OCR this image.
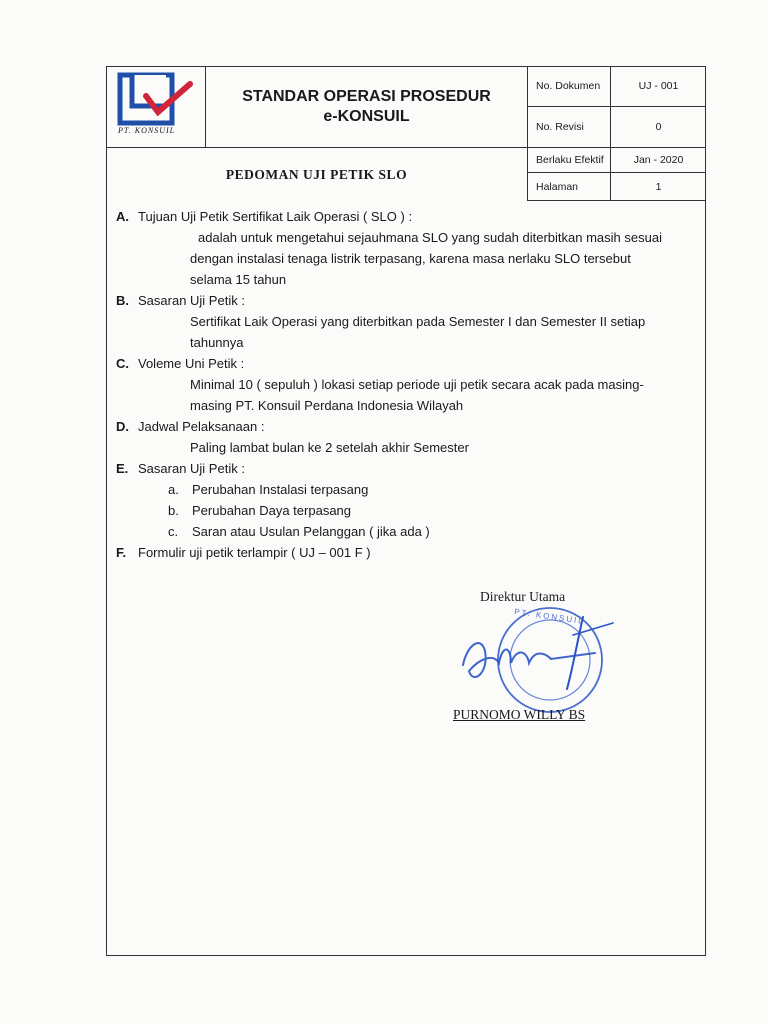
PT. KONSUIL
STANDAR OPERASI PROSEDUR
e-KONSUIL
PEDOMAN UJI PETIK SLO
No. Dokumen	UJ - 001
No. Revisi	0
Berlaku Efektif	Jan - 2020
Halaman	1
A. Tujuan Uji Petik Sertifikat Laik Operasi ( SLO ) :
adalah untuk mengetahui sejauhmana SLO yang sudah diterbitkan masih sesuai
dengan instalasi tenaga listrik terpasang, karena masa nerlaku SLO tersebut
selama 15 tahun
B. Sasaran Uji Petik :
Sertifikat Laik Operasi yang diterbitkan pada Semester I dan Semester II setiap
tahunnya
C. Voleme Uni Petik :
Minimal 10 ( sepuluh ) lokasi setiap periode uji petik secara acak pada masing-
masing PT. Konsuil Perdana Indonesia Wilayah
D. Jadwal Pelaksanaan :
Paling lambat bulan ke 2 setelah akhir Semester
E. Sasaran Uji Petik :
a. Perubahan Instalasi terpasang
b. Perubahan Daya terpasang
c. Saran atau Usulan Pelanggan ( jika ada )
F. Formulir uji petik terlampir ( UJ – 001 F )
Direktur Utama
PT. KONSUIL
PURNOMO WILLY BS
